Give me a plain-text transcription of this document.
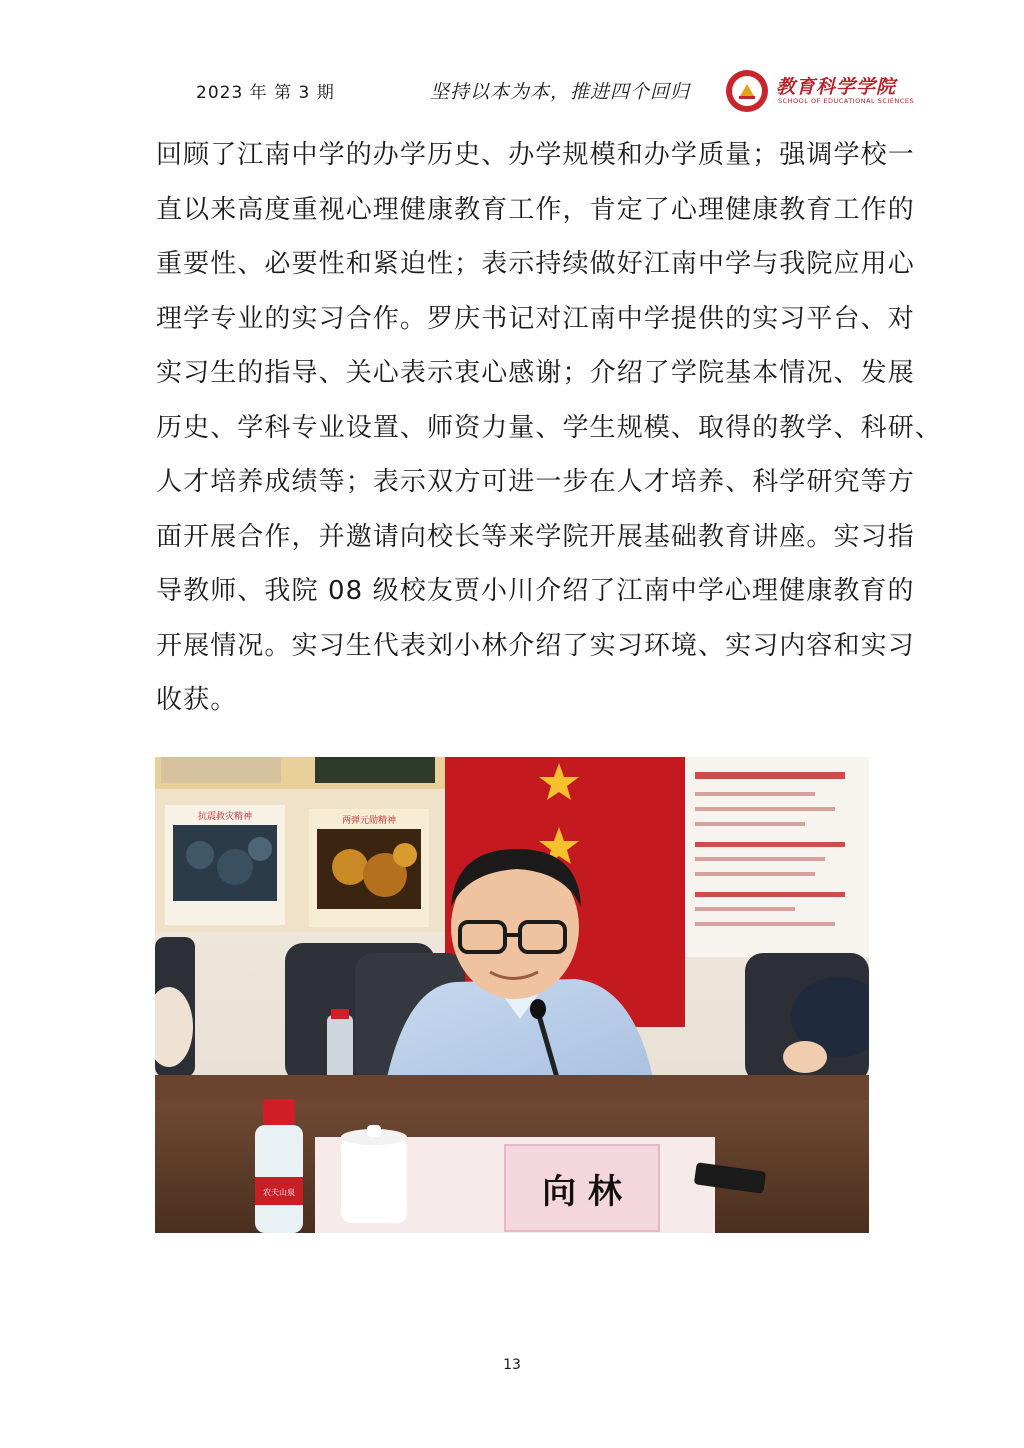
2023 年 第 3 期	坚持以本为本，推进四个回归	教育科学学院
SCHOOL OF EDUCATIONAL SCIENCES
回顾了江南中学的办学历史、办学规模和办学质量；强调学校一
直以来高度重视心理健康教育工作，肯定了心理健康教育工作的
重要性、必要性和紧迫性；表示持续做好江南中学与我院应用心
理学专业的实习合作。罗庆书记对江南中学提供的实习平台、对
实习生的指导、关心表示衷心感谢；介绍了学院基本情况、发展
历史、学科专业设置、师资力量、学生规模、取得的教学、科研、
人才培养成绩等；表示双方可进一步在人才培养、科学研究等方
面开展合作，并邀请向校长等来学院开展基础教育讲座。实习指
导教师、我院 08 级校友贾小川介绍了江南中学心理健康教育的
开展情况。实习生代表刘小林介绍了实习环境、实习内容和实习
收获。
抗震救灾精神	两弹元勋精神
农夫山泉	向 林
13
